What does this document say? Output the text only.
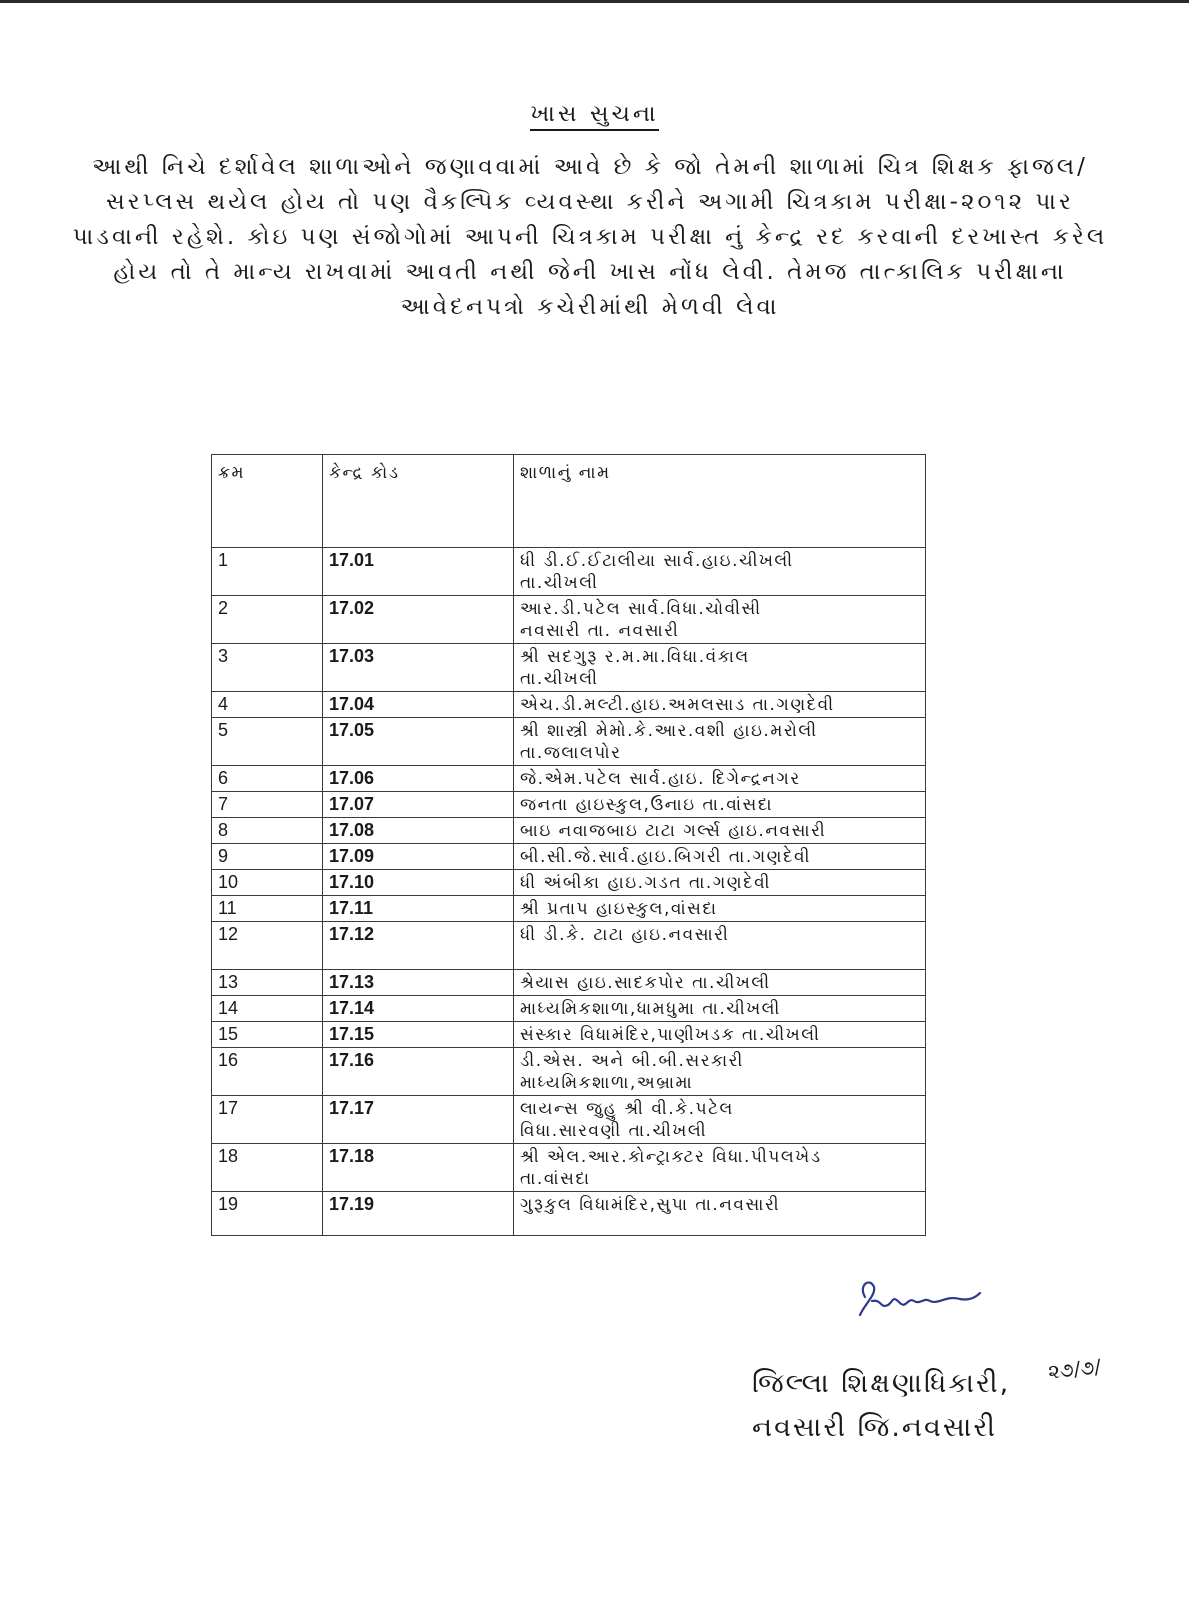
ખાસ સુચના
આથી નિચે દર્શાવેલ શાળાઓને જણાવવામાં આવે છે કે જો તેમની શાળામાં ચિત્ર શિક્ષક ફાજલ/સરપ્લસ થયેલ હોય તો પણ વૈકલ્પિક વ્યવસ્થા કરીને અગામી ચિત્રકામ પરીક્ષા-૨૦૧૨ પાર પાડવાની રહેશે. કોઇ પણ સંજોગોમાં આપની ચિત્રકામ પરીક્ષા નું કેન્દ્ર રદ કરવાની દરખાસ્ત કરેલ હોય તો તે માન્ય રાખવામાં આવતી નથી જેની ખાસ નોંધ લેવી. તેમજ તાત્કાલિક પરીક્ષાના આવેદનપત્રો કચેરીમાંથી મેળવી લેવા
ક્રમ	કેન્દ્ર કોડ	શાળાનું નામ
1	17.01	ધી ડી.ઈ.ઈટાલીયા સાર્વ.હાઇ.ચીખલી
તા.ચીખલી
2	17.02	આર.ડી.પટેલ સાર્વ.વિધા.ચોવીસી
નવસારી તા. નવસારી
3	17.03	શ્રી સદગુરૂ ર.મ.મા.વિધા.વંકાલ
તા.ચીખલી
4	17.04	એચ.ડી.મલ્ટી.હાઇ.અમલસાડ તા.ગણદેવી
5	17.05	શ્રી શાસ્ત્રી મેમો.કે.આર.વશી હાઇ.મરોલી
તા.જલાલપોર
6	17.06	જે.એમ.પટેલ સાર્વ.હાઇ. દિગેન્દ્રનગર
7	17.07	જનતા હાઇસ્કુલ,ઉનાઇ તા.વાંસદા
8	17.08	બાઇ નવાજબાઇ ટાટા ગર્લ્સ હાઇ.નવસારી
9	17.09	બી.સી.જે.સાર્વ.હાઇ.બિગરી તા.ગણદેવી
10	17.10	ધી અંબીકા હાઇ.ગડત તા.ગણદેવી
11	17.11	શ્રી પ્રતાપ હાઇસ્કુલ,વાંસદા
12	17.12	ધી ડી.કે. ટાટા હાઇ.નવસારી
13	17.13	શ્રેયાસ હાઇ.સાદકપોર તા.ચીખલી
14	17.14	માધ્યમિકશાળા,ધામધુમા તા.ચીખલી
15	17.15	સંસ્કાર વિધામંદિર,પાણીખડક તા.ચીખલી
16	17.16	ડી.એસ. અને બી.બી.સરકારી
માધ્યમિકશાળા,અબ્રામા
17	17.17	લાયન્સ જુહુ શ્રી વી.કે.પટેલ
વિધા.સારવણી તા.ચીખલી
18	17.18	શ્રી એલ.આર.કોન્ટ્રાક્ટર વિધા.પીપલખેડ
તા.વાંસદા
19	17.19	ગુરૂકુલ વિધામંદિર,સુપા તા.નવસારી
૨૭/૭/
જિલ્લા શિક્ષણાધિકારી,
નવસારી જિ.નવસારી
